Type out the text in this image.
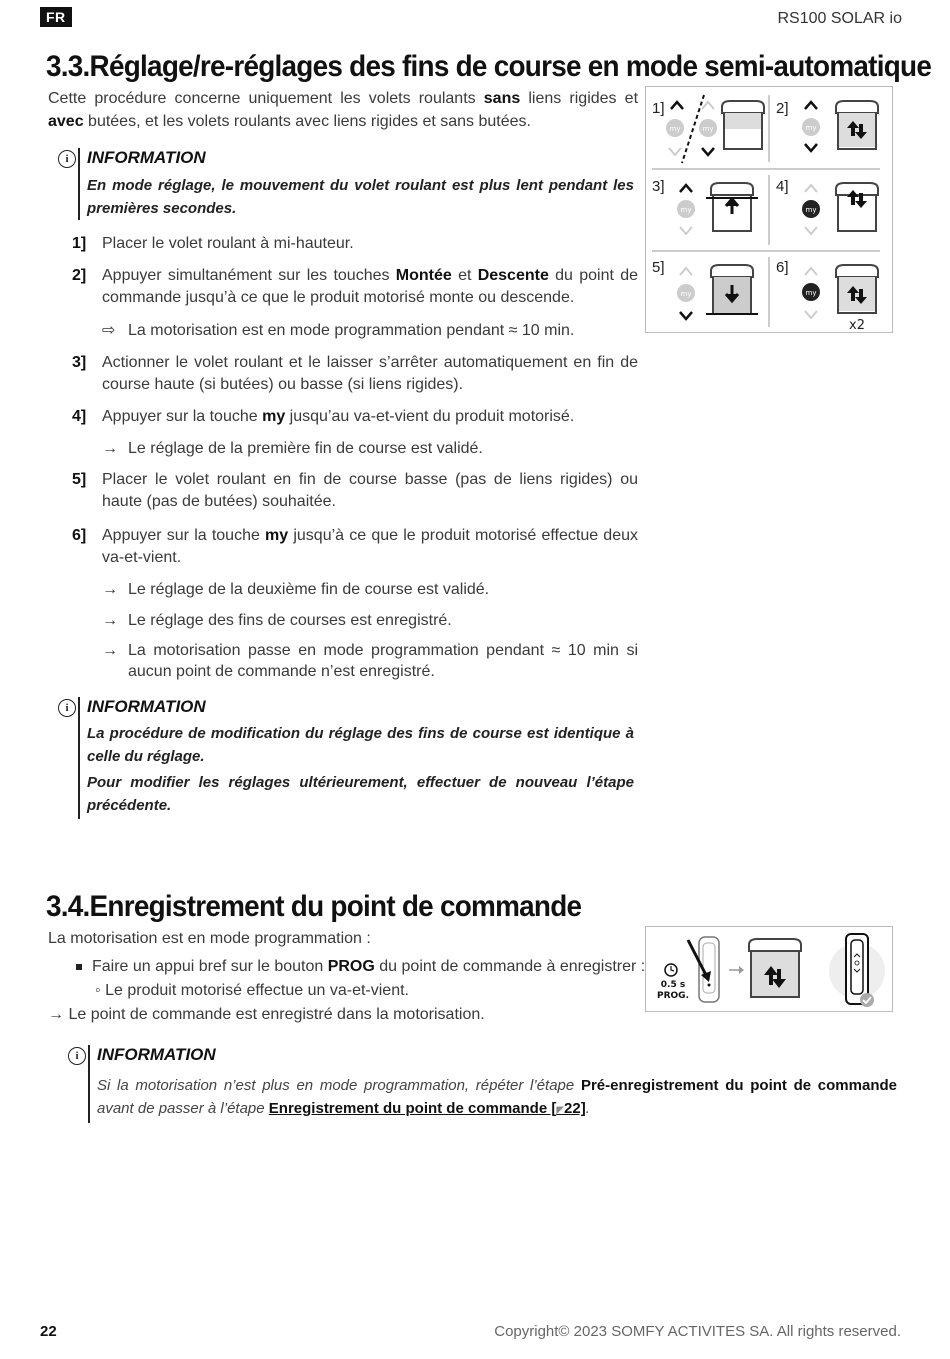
FR	RS100 SOLAR io
3.3.Réglage/re-réglages des fins de course en mode semi-automatique
Cette procédure concerne uniquement les volets roulants sans liens rigides et avec butées, et les volets roulants avec liens rigides et sans butées.
i	INFORMATION
En mode réglage, le mouvement du volet roulant est plus lent pendant les premières secondes.
1] Placer le volet roulant à mi-hauteur.
2] Appuyer simultanément sur les touches Montée et Descente du point de commande jusqu’à ce que le produit motorisé monte ou descende.
⇨ La motorisation est en mode programmation pendant ≈ 10 min.
3] Actionner le volet roulant et le laisser s’arrêter automatiquement en fin de course haute (si butées) ou basse (si liens rigides).
4] Appuyer sur la touche my jusqu’au va-et-vient du produit motorisé.
→ Le réglage de la première fin de course est validé.
5] Placer le volet roulant en fin de course basse (pas de liens rigides) ou haute (pas de butées) souhaitée.
6] Appuyer sur la touche my jusqu’à ce que le produit motorisé effectue deux va-et-vient.
→ Le réglage de la deuxième fin de course est validé.
→ Le réglage des fins de courses est enregistré.
→ La motorisation passe en mode programmation pendant ≈ 10 min si aucun point de commande n’est enregistré.
i	INFORMATION
La procédure de modification du réglage des fins de course est identique à celle du réglage.
Pour modifier les réglages ultérieurement, effectuer de nouveau l’étape précédente.
1]
my	my
2]
my
3]
my
4]
my
5]
my
6]
my
x2
3.4.Enregistrement du point de commande
La motorisation est en mode programmation :
Faire un appui bref sur le bouton PROG du point de commande à enregistrer :
◦ Le produit motorisé effectue un va-et-vient.
→ Le point de commande est enregistré dans la motorisation.
0.5 s
PROG.
i	INFORMATION
Si la motorisation n’est plus en mode programmation, répéter l’étape Pré-enregistrement du point de commande avant de passer à l’étape Enregistrement du point de commande [◤22].
22	Copyright© 2023 SOMFY ACTIVITES SA. All rights reserved.
